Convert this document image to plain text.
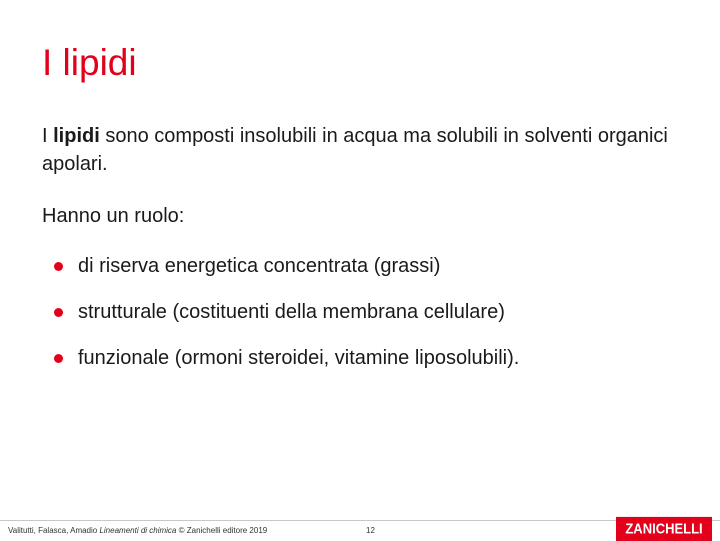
I lipidi
I lipidi sono composti insolubili in acqua ma solubili in solventi organici apolari.
Hanno un ruolo:
di riserva energetica concentrata (grassi)
strutturale (costituenti della membrana cellulare)
funzionale (ormoni steroidei, vitamine liposolubili).
Valitutti, Falasca, Amadio Lineamenti di chimica © Zanichelli editore 2019	12	ZANICHELLI
